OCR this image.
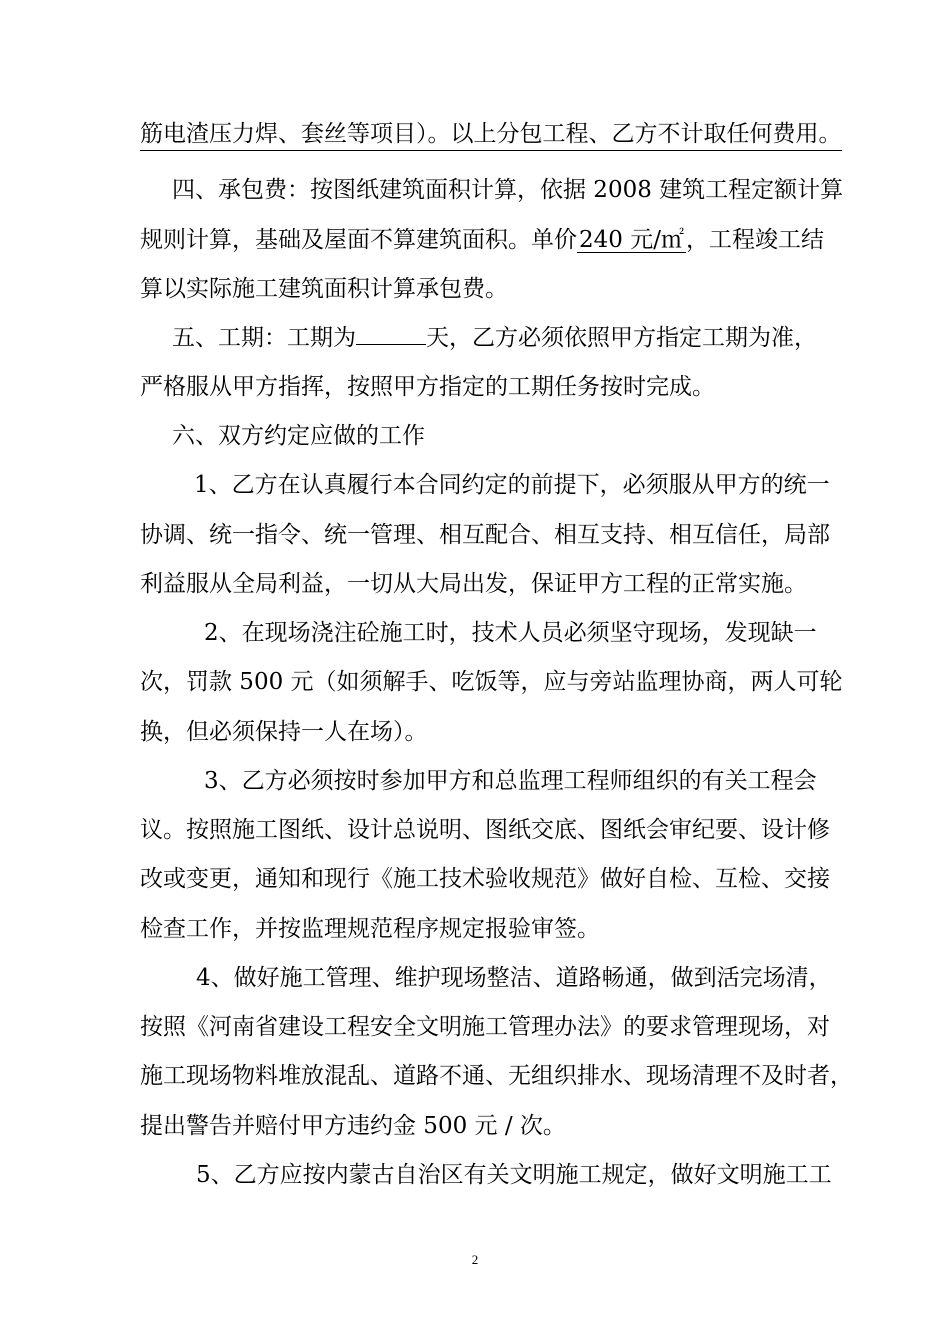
筋电渣压力焊、套丝等项目）。以上分包工程、乙方不计取任何费用。
四、承包费：按图纸建筑面积计算，依据 2008 建筑工程定额计算
规则计算，基础及屋面不算建筑面积。单价240 元/㎡，工程竣工结
算以实际施工建筑面积计算承包费。
五、工期：工期为	天，乙方必须依照甲方指定工期为准，
严格服从甲方指挥，按照甲方指定的工期任务按时完成。
六、双方约定应做的工作
1、乙方在认真履行本合同约定的前提下，必须服从甲方的统一
协调、统一指令、统一管理、相互配合、相互支持、相互信任，局部
利益服从全局利益，一切从大局出发，保证甲方工程的正常实施。
2、在现场浇注砼施工时，技术人员必须坚守现场，发现缺一
次，罚款 500 元（如须解手、吃饭等，应与旁站监理协商，两人可轮
换，但必须保持一人在场）。
3、乙方必须按时参加甲方和总监理工程师组织的有关工程会
议。按照施工图纸、设计总说明、图纸交底、图纸会审纪要、设计修
改或变更，通知和现行《施工技术验收规范》做好自检、互检、交接
检查工作，并按监理规范程序规定报验审签。
4、做好施工管理、维护现场整洁、道路畅通，做到活完场清，
按照《河南省建设工程安全文明施工管理办法》的要求管理现场，对
施工现场物料堆放混乱、道路不通、无组织排水、现场清理不及时者，
提出警告并赔付甲方违约金 500 元 / 次。
5、乙方应按内蒙古自治区有关文明施工规定，做好文明施工工
2
